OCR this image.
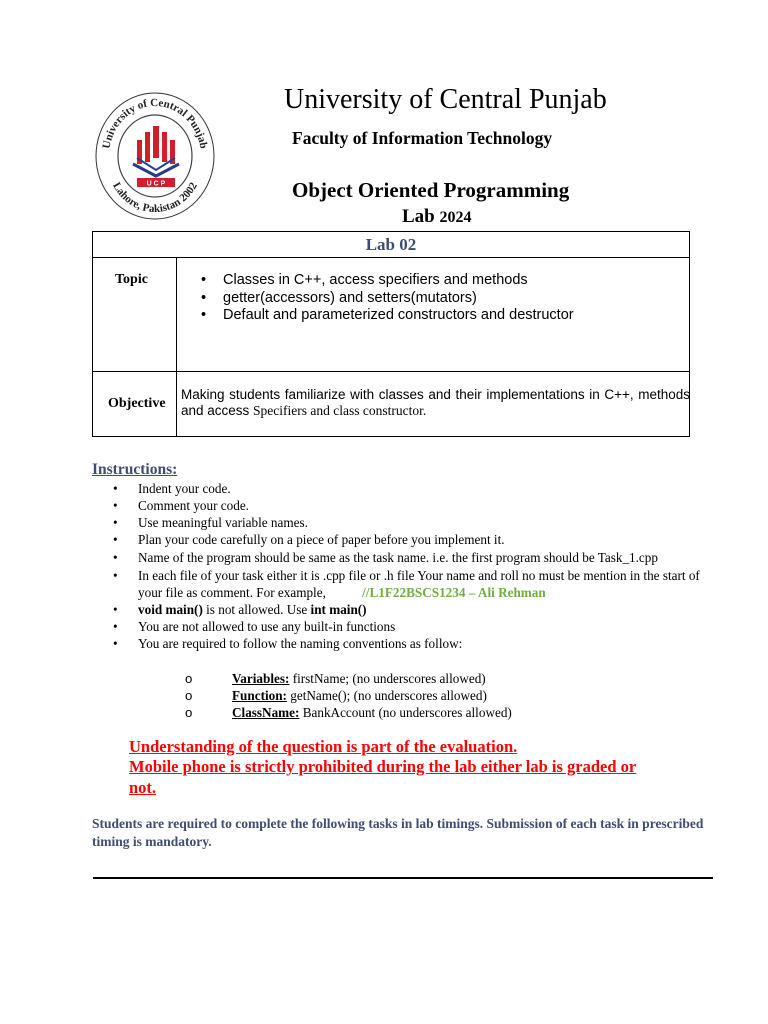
University of Central Punjab
Lahore, Pakistan 2002
U C P
University of Central Punjab
Faculty of Information Technology
Object Oriented Programming
Lab 2024
Lab 02
Topic
•	Classes in C++, access specifiers and methods
• getter(accessors) and setters(mutators)
• Default and parameterized constructors and destructor
Objective
Making students familiarize with classes and their implementations in C++, methods and access Specifiers and class constructor.
Instructions:
• Indent your code.
• Comment your code.
• Use meaningful variable names.
• Plan your code carefully on a piece of paper before you implement it.
• Name of the program should be same as the task name. i.e. the first program should be Task_1.cpp
• In each file of your task either it is .cpp file or .h file Your name and roll no must be mention in the start of your file as comment. For example,	//L1F22BSCS1234 – Ali Rehman
• void main() is not allowed. Use int main()
• You are not allowed to use any built-in functions
• You are required to follow the naming conventions as follow:
o	Variables: firstName; (no underscores allowed)
o	Function: getName(); (no underscores allowed)
o	ClassName: BankAccount (no underscores allowed)
Understanding of the question is part of the evaluation.
Mobile phone is strictly prohibited during the lab either lab is graded or
not.
Students are required to complete the following tasks in lab timings. Submission of each task in prescribed timing is mandatory.
